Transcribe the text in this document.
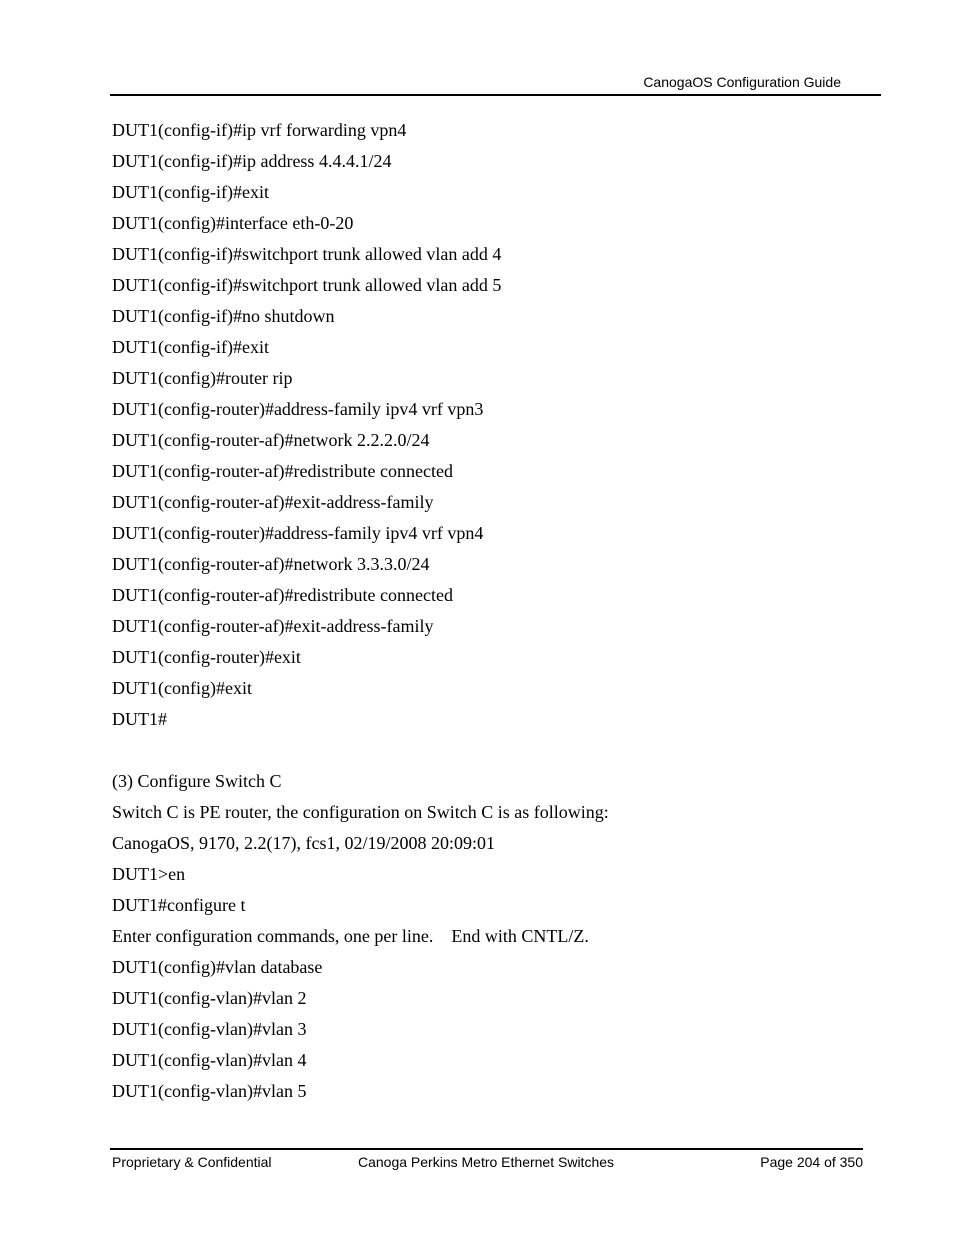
CanogaOS Configuration Guide
DUT1(config-if)#ip vrf forwarding vpn4
DUT1(config-if)#ip address 4.4.4.1/24
DUT1(config-if)#exit
DUT1(config)#interface eth-0-20
DUT1(config-if)#switchport trunk allowed vlan add 4
DUT1(config-if)#switchport trunk allowed vlan add 5
DUT1(config-if)#no shutdown
DUT1(config-if)#exit
DUT1(config)#router rip
DUT1(config-router)#address-family ipv4 vrf vpn3
DUT1(config-router-af)#network 2.2.2.0/24
DUT1(config-router-af)#redistribute connected
DUT1(config-router-af)#exit-address-family
DUT1(config-router)#address-family ipv4 vrf vpn4
DUT1(config-router-af)#network 3.3.3.0/24
DUT1(config-router-af)#redistribute connected
DUT1(config-router-af)#exit-address-family
DUT1(config-router)#exit
DUT1(config)#exit
DUT1#
(3) Configure Switch C
Switch C is PE router, the configuration on Switch C is as following:
CanogaOS, 9170, 2.2(17), fcs1, 02/19/2008 20:09:01
DUT1>en
DUT1#configure t
Enter configuration commands, one per line.    End with CNTL/Z.
DUT1(config)#vlan database
DUT1(config-vlan)#vlan 2
DUT1(config-vlan)#vlan 3
DUT1(config-vlan)#vlan 4
DUT1(config-vlan)#vlan 5
Proprietary & Confidential	Canoga Perkins Metro Ethernet Switches	Page 204 of 350
